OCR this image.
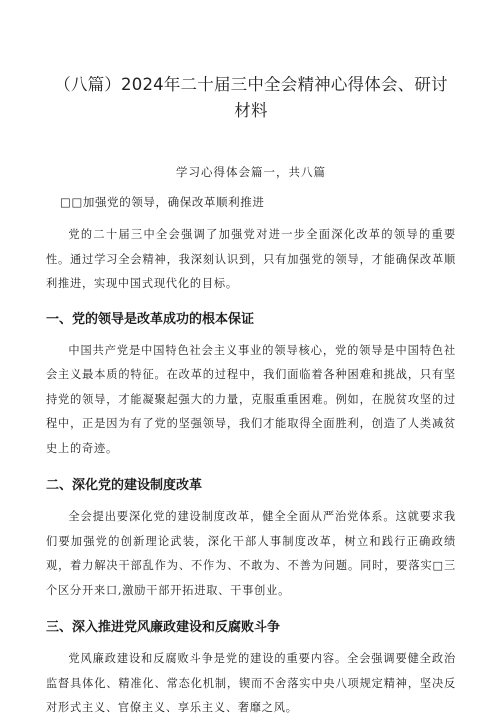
（八篇）2024年二十届三中全会精神心得体会、研讨材料
学习心得体会篇一，共八篇
□□加强党的领导，确保改革顺利推进

党的二十届三中全会强调了加强党对进一步全面深化改革的领导的重要性。通过学习全会精神，我深刻认识到，只有加强党的领导，才能确保改革顺利推进，实现中国式现代化的目标。

一、党的领导是改革成功的根本保证

中国共产党是中国特色社会主义事业的领导核心，党的领导是中国特色社会主义最本质的特征。在改革的过程中，我们面临着各种困难和挑战，只有坚持党的领导，才能凝聚起强大的力量，克服重重困难。例如，在脱贫攻坚的过程中，正是因为有了党的坚强领导，我们才能取得全面胜利，创造了人类减贫史上的奇迹。

二、深化党的建设制度改革

全会提出要深化党的建设制度改革，健全全面从严治党体系。这就要求我们要加强党的创新理论武装，深化干部人事制度改革，树立和践行正确政绩观，着力解决干部乱作为、不作为、不敢为、不善为问题。同时，要落实□三个区分开来口,激励干部开拓进取、干事创业。

三、深入推进党风廉政建设和反腐败斗争

党风廉政建设和反腐败斗争是党的建设的重要内容。全会强调要健全政治监督具体化、精准化、常态化机制，锲而不舍落实中央八项规定精神，坚决反对形式主义、官僚主义、享乐主义、奢靡之风。
